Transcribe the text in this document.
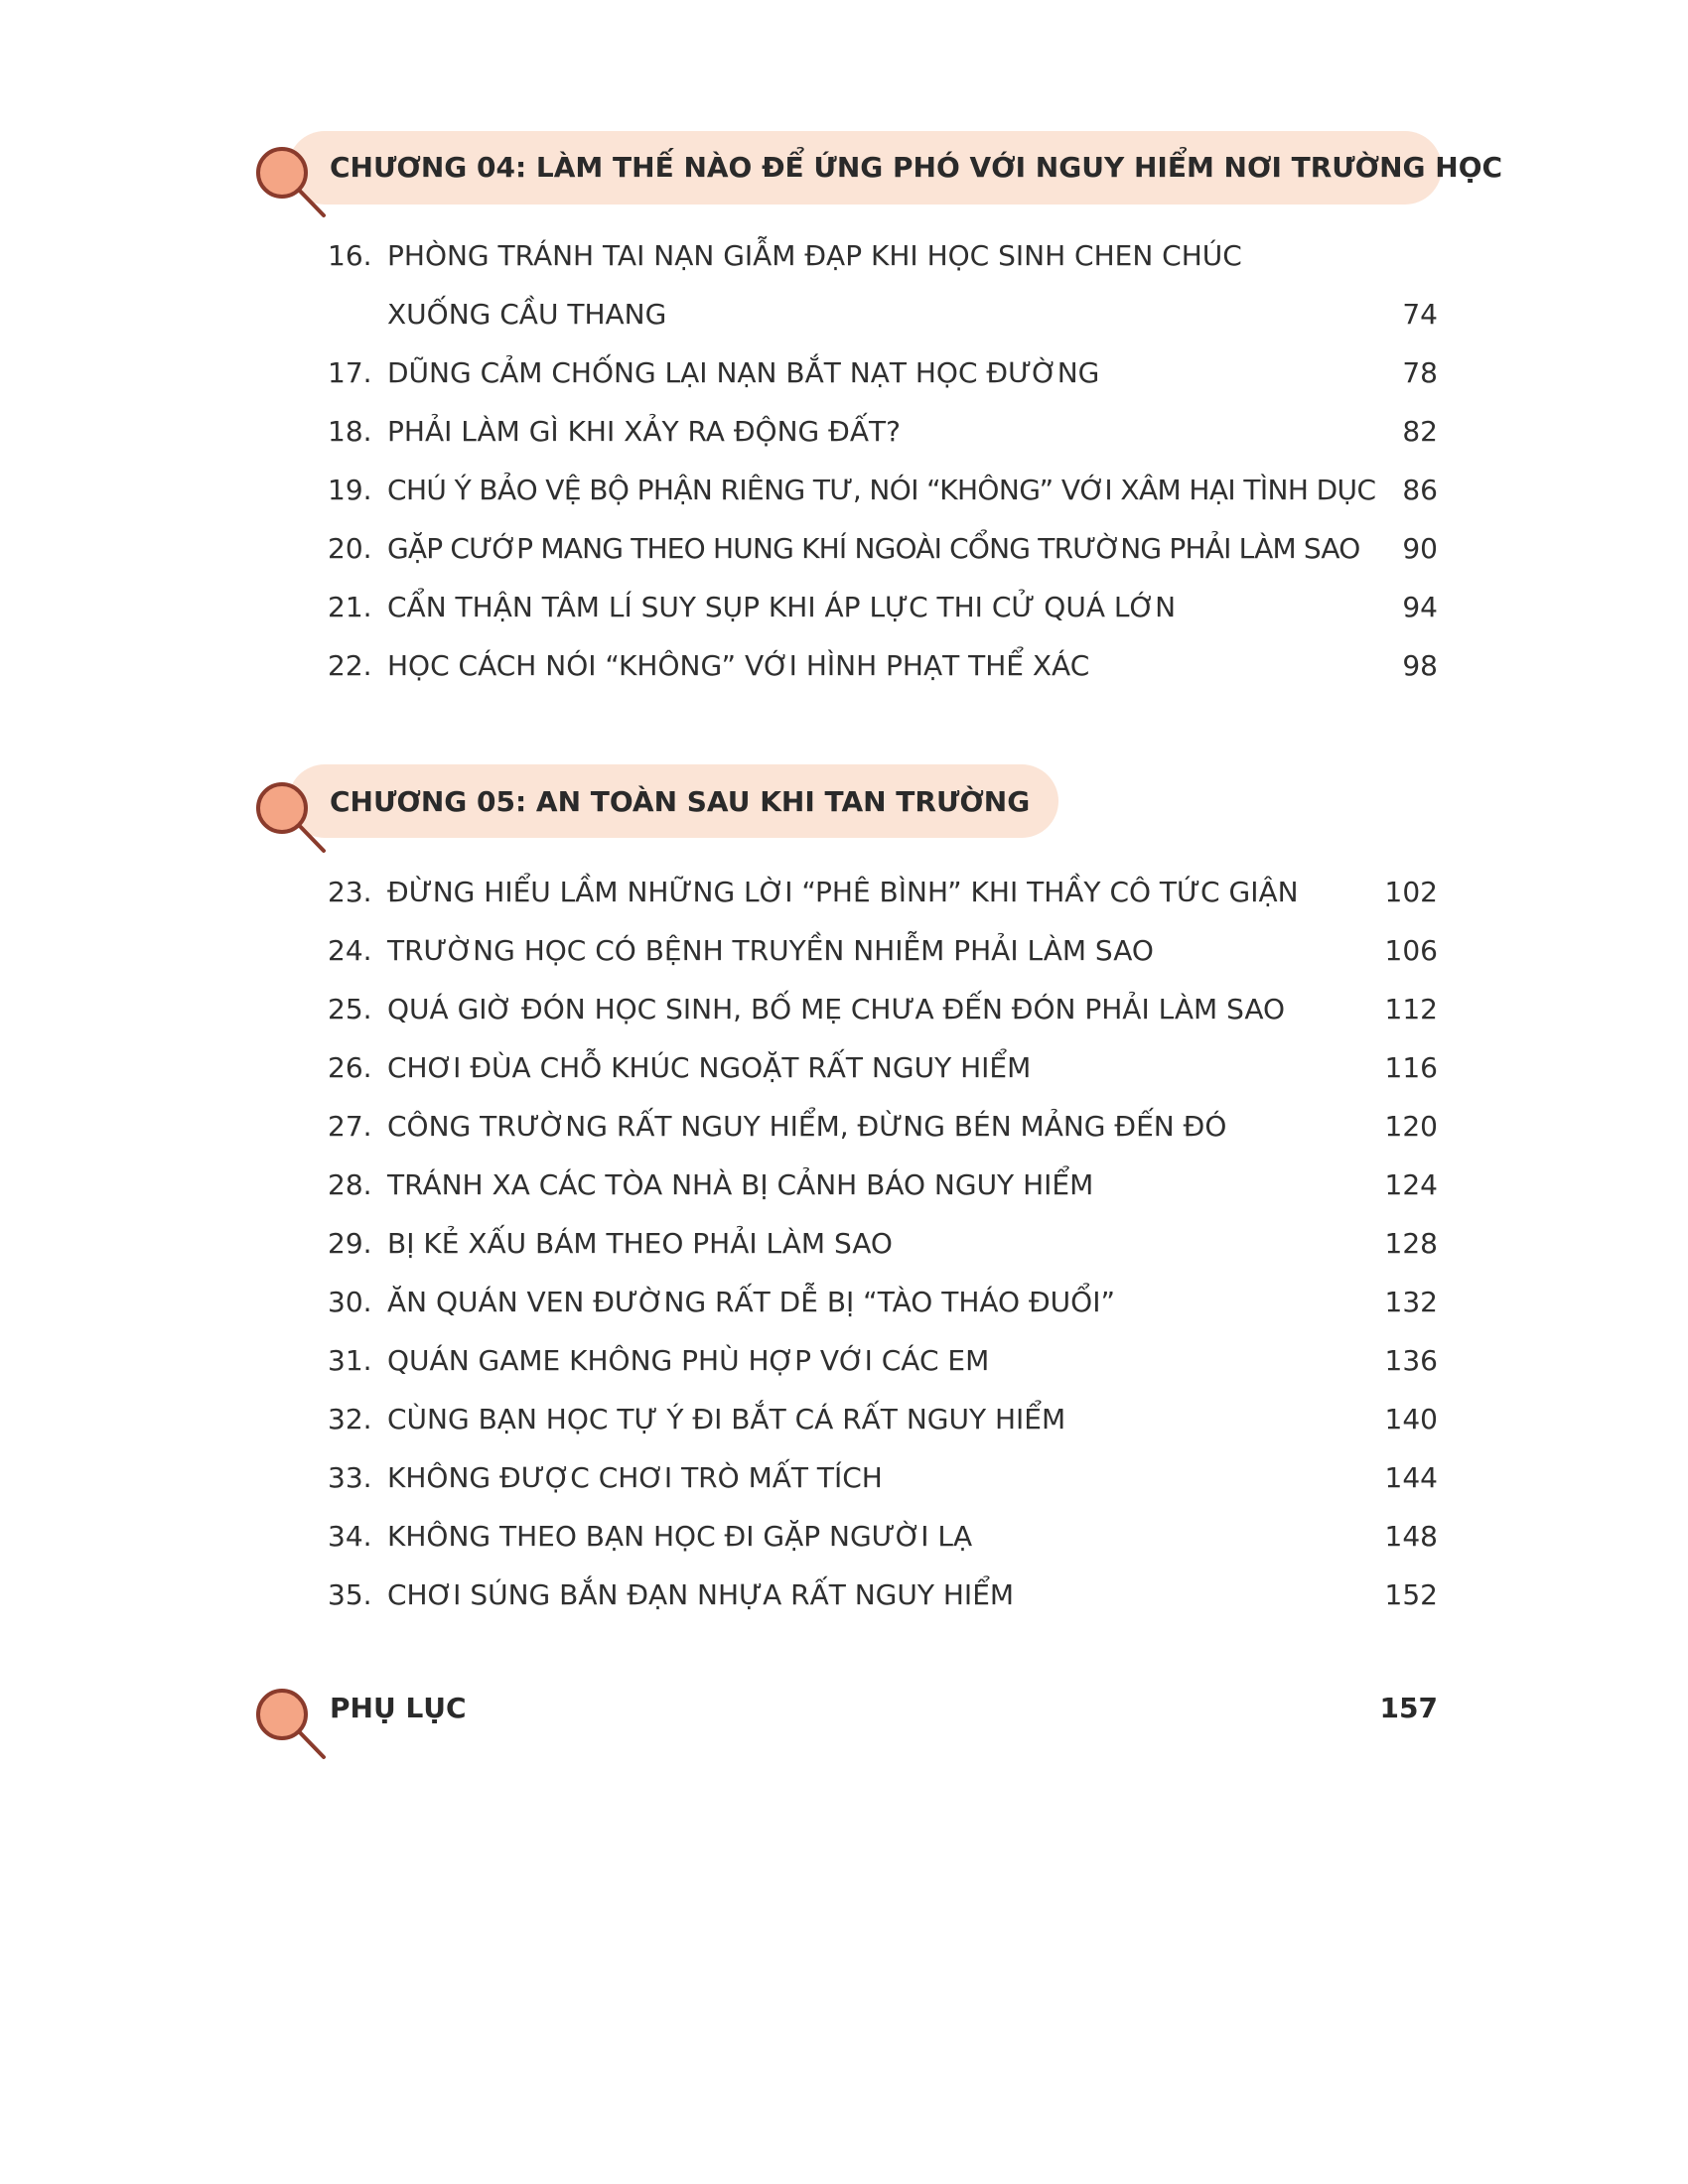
CHƯƠNG 04: LÀM THẾ NÀO ĐỂ ỨNG PHÓ VỚI NGUY HIỂM NƠI TRƯỜNG HỌC
16. PHÒNG TRÁNH TAI NẠN GIẪM ĐẠP KHI HỌC SINH CHEN CHÚC
XUỐNG CẦU THANG	74
17. DŨNG CẢM CHỐNG LẠI NẠN BẮT NẠT HỌC ĐƯỜNG	78
18. PHẢI LÀM GÌ KHI XẢY RA ĐỘNG ĐẤT?	82
19. CHÚ Ý BẢO VỆ BỘ PHẬN RIÊNG TƯ, NÓI “KHÔNG” VỚI XÂM HẠI TÌNH DỤC 86
20. GẶP CƯỚP MANG THEO HUNG KHÍ NGOÀI CỔNG TRƯỜNG PHẢI LÀM SAO 90
21. CẨN THẬN TÂM LÍ SUY SỤP KHI ÁP LỰC THI CỬ QUÁ LỚN	94
22. HỌC CÁCH NÓI “KHÔNG” VỚI HÌNH PHẠT THỂ XÁC	98
CHƯƠNG 05: AN TOÀN SAU KHI TAN TRƯỜNG
23. ĐỪNG HIỂU LẦM NHỮNG LỜI “PHÊ BÌNH” KHI THẦY CÔ TỨC GIẬN	102
24. TRƯỜNG HỌC CÓ BỆNH TRUYỀN NHIỄM PHẢI LÀM SAO	106
25. QUÁ GIỜ ĐÓN HỌC SINH, BỐ MẸ CHƯA ĐẾN ĐÓN PHẢI LÀM SAO	112
26. CHƠI ĐÙA CHỖ KHÚC NGOẶT RẤT NGUY HIỂM	116
27. CÔNG TRƯỜNG RẤT NGUY HIỂM, ĐỪNG BÉN MẢNG ĐẾN ĐÓ	120
28. TRÁNH XA CÁC TÒA NHÀ BỊ CẢNH BÁO NGUY HIỂM	124
29. BỊ KẺ XẤU BÁM THEO PHẢI LÀM SAO	128
30. ĂN QUÁN VEN ĐƯỜNG RẤT DỄ BỊ “TÀO THÁO ĐUỔI”	132
31. QUÁN GAME KHÔNG PHÙ HỢP VỚI CÁC EM	136
32. CÙNG BẠN HỌC TỰ Ý ĐI BẮT CÁ RẤT NGUY HIỂM	140
33. KHÔNG ĐƯỢC CHƠI TRÒ MẤT TÍCH	144
34. KHÔNG THEO BẠN HỌC ĐI GẶP NGƯỜI LẠ	148
35. CHƠI SÚNG BẮN ĐẠN NHỰA RẤT NGUY HIỂM	152
PHỤ LỤC	157
